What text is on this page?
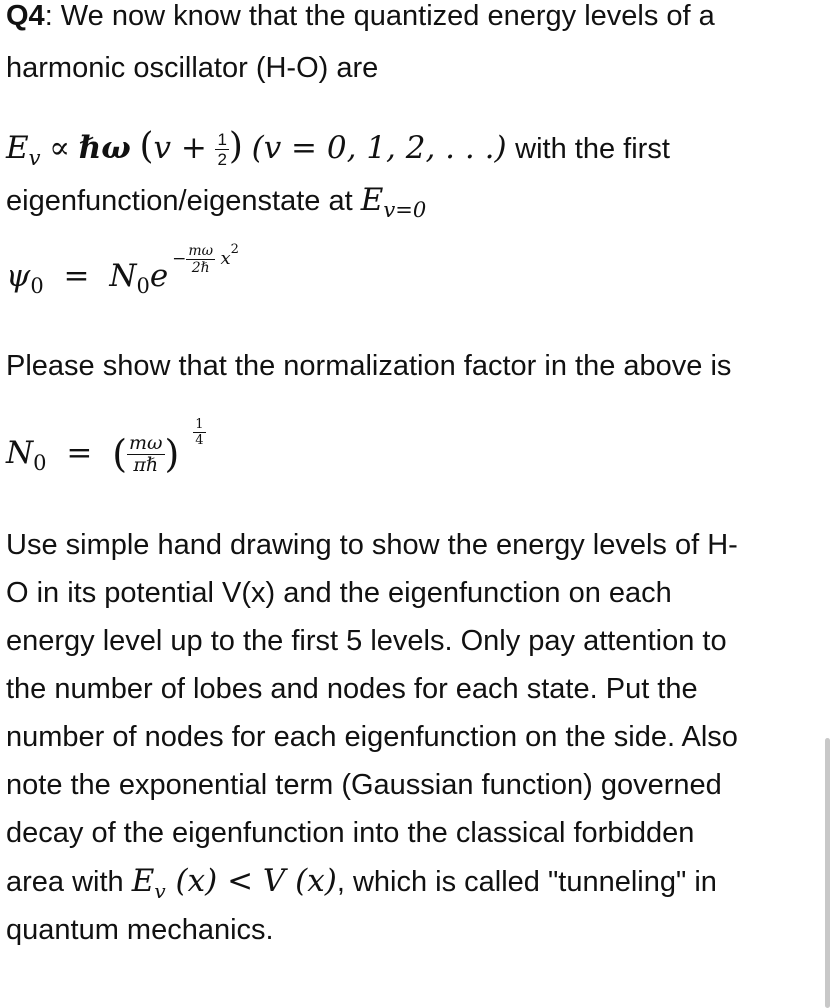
Q4: We now know that the quantized energy levels of a

harmonic oscillator (H-O) are

$E_v$ ∝ ℏω ($v + \frac{1}{2}$ ) (v = 0, 1, 2, . . .) with the first

eigenfunction/eigenstate at $E_{v=0}$

$\psi_0 = N_0e$ $^{- \frac{m\omega}{\text{2ℏ}} x^2}$

Please show that the normalization factor in the above is

$N_0$ = ( $\frac{m\omega}{\text{πℏ}}$ ) $\frac{1}{4}$

Use simple hand drawing to show the energy levels of H-

O in its potential V(x) and the eigenfunction on each

energy level up to the first 5 levels. Only pay attention to

the number of lobes and nodes for each state. Put the

number of nodes for each eigenfunction on the side. Also

note the exponential term (Gaussian function) governed

decay of the eigenfunction into the classical forbidden

area with $E_v$ (x) < V (x), which is called "tunneling" in

quantum mechanics.
